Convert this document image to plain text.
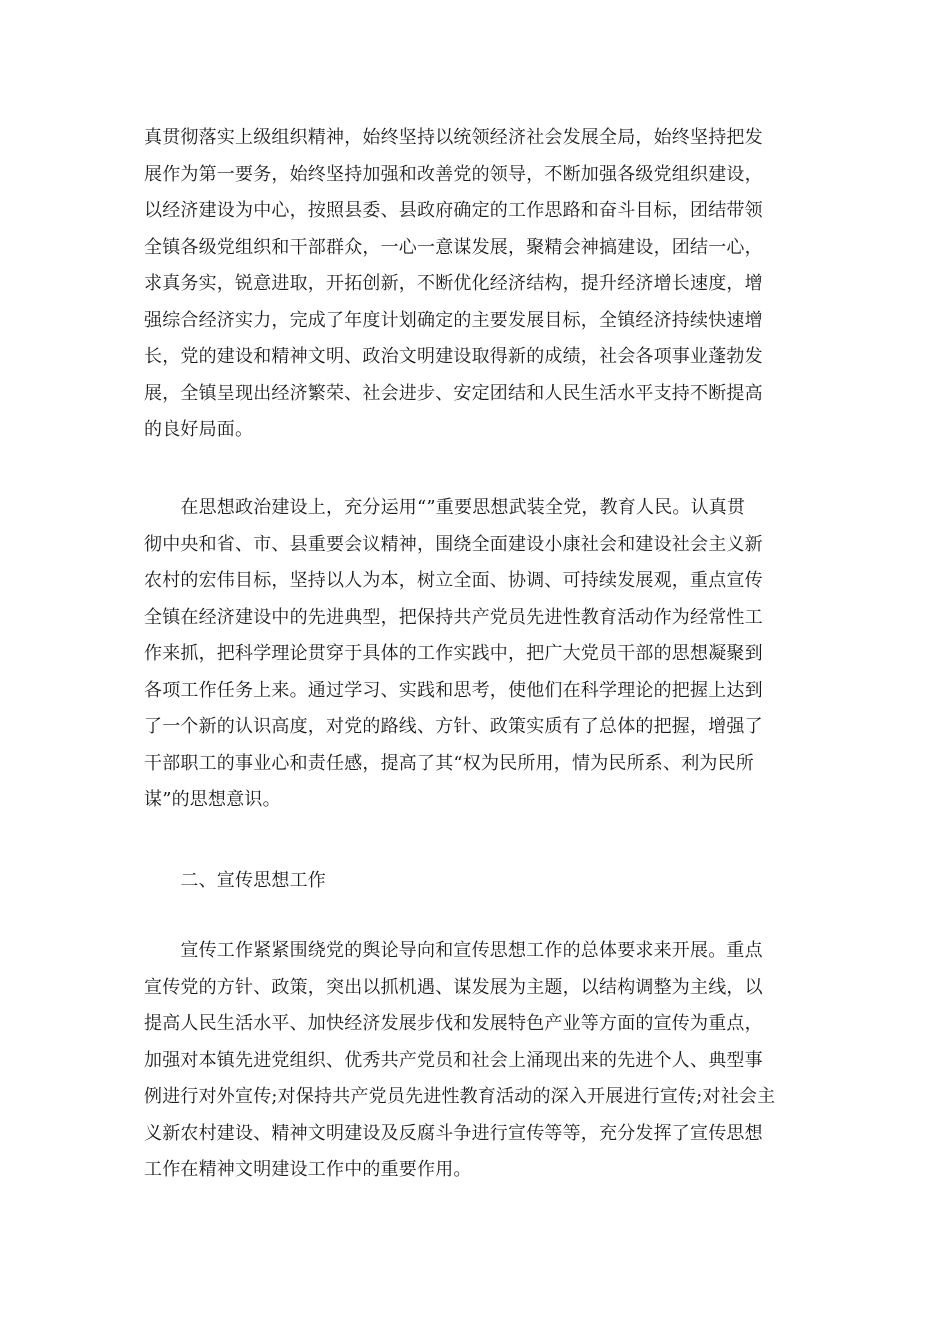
真贯彻落实上级组织精神，始终坚持以统领经济社会发展全局，始终坚持把发
展作为第一要务，始终坚持加强和改善党的领导，不断加强各级党组织建设，
以经济建设为中心，按照县委、县政府确定的工作思路和奋斗目标，团结带领
全镇各级党组织和干部群众，一心一意谋发展，聚精会神搞建设，团结一心，
求真务实，锐意进取，开拓创新，不断优化经济结构，提升经济增长速度，增
强综合经济实力，完成了年度计划确定的主要发展目标，全镇经济持续快速增
长，党的建设和精神文明、政治文明建设取得新的成绩，社会各项事业蓬勃发
展，全镇呈现出经济繁荣、社会进步、安定团结和人民生活水平支持不断提高
的良好局面。
　　在思想政治建设上，充分运用“”重要思想武装全党，教育人民。认真贯
彻中央和省、市、县重要会议精神，围绕全面建设小康社会和建设社会主义新
农村的宏伟目标，坚持以人为本，树立全面、协调、可持续发展观，重点宣传
全镇在经济建设中的先进典型，把保持共产党员先进性教育活动作为经常性工
作来抓，把科学理论贯穿于具体的工作实践中，把广大党员干部的思想凝聚到
各项工作任务上来。通过学习、实践和思考，使他们在科学理论的把握上达到
了一个新的认识高度，对党的路线、方针、政策实质有了总体的把握，增强了
干部职工的事业心和责任感，提高了其“权为民所用，情为民所系、利为民所
谋”的思想意识。
　　二、宣传思想工作
　　宣传工作紧紧围绕党的舆论导向和宣传思想工作的总体要求来开展。重点
宣传党的方针、政策，突出以抓机遇、谋发展为主题，以结构调整为主线，以
提高人民生活水平、加快经济发展步伐和发展特色产业等方面的宣传为重点，
加强对本镇先进党组织、优秀共产党员和社会上涌现出来的先进个人、典型事
例进行对外宣传;对保持共产党员先进性教育活动的深入开展进行宣传;对社会主
义新农村建设、精神文明建设及反腐斗争进行宣传等等，充分发挥了宣传思想
工作在精神文明建设工作中的重要作用。
